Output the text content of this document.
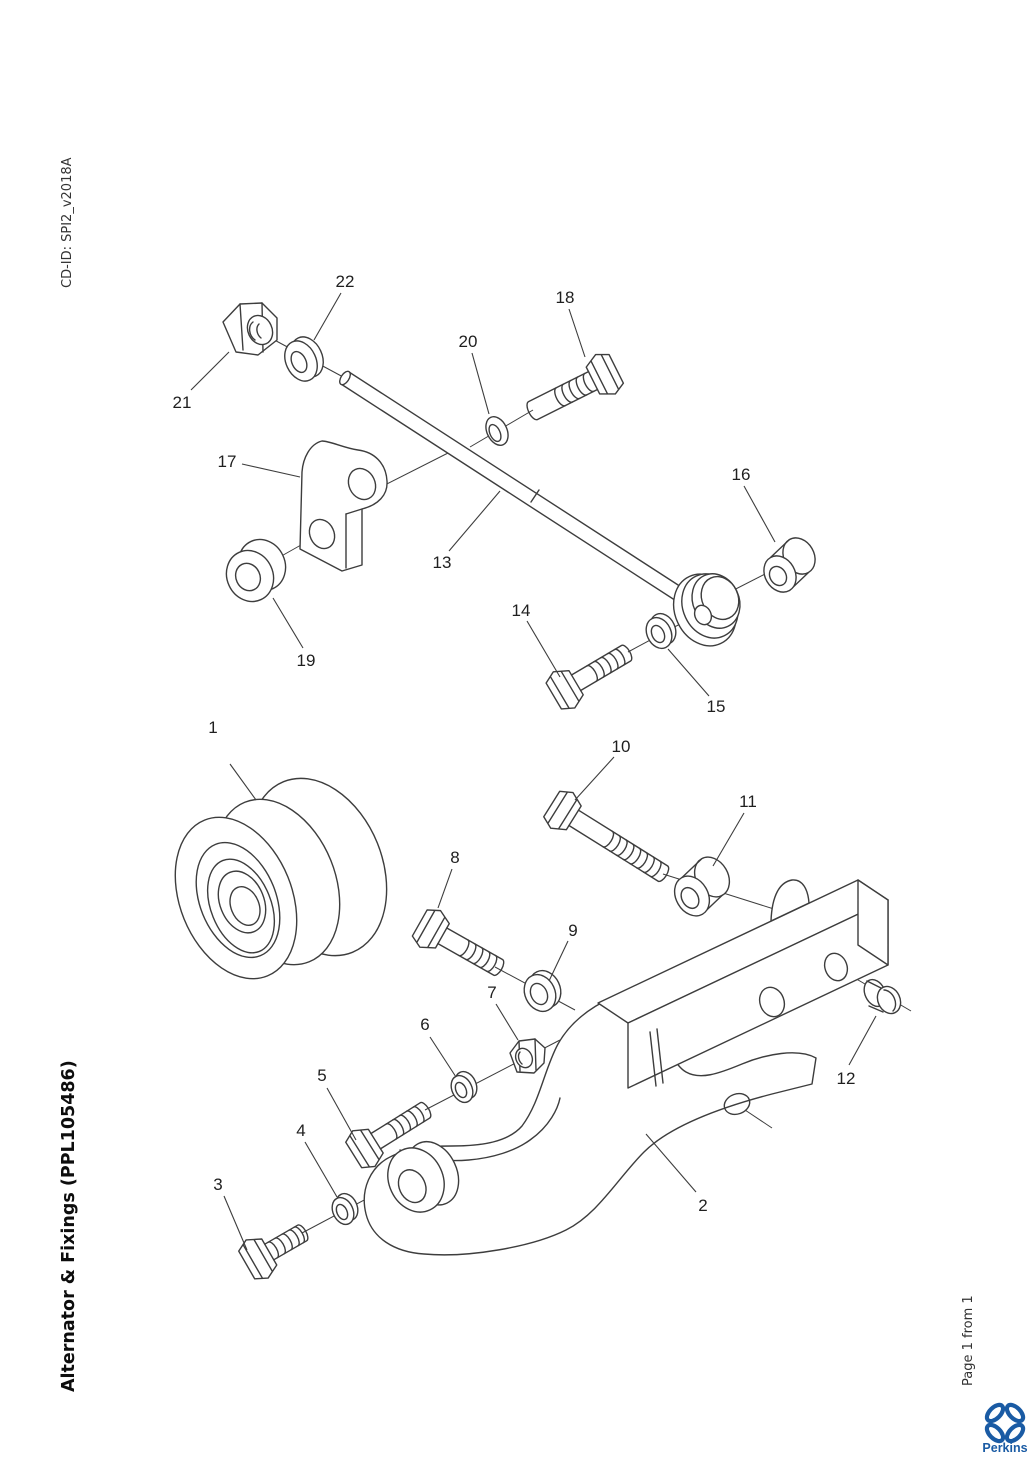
1
2
3
4
5
6
7
8
9
10
11
12
13
14
15
16
17
18
19
20
21
22
CD-ID: SPI2_v2018A
Alternator & Fixings (PPL105486)	Page 1 from 1
Perkins
